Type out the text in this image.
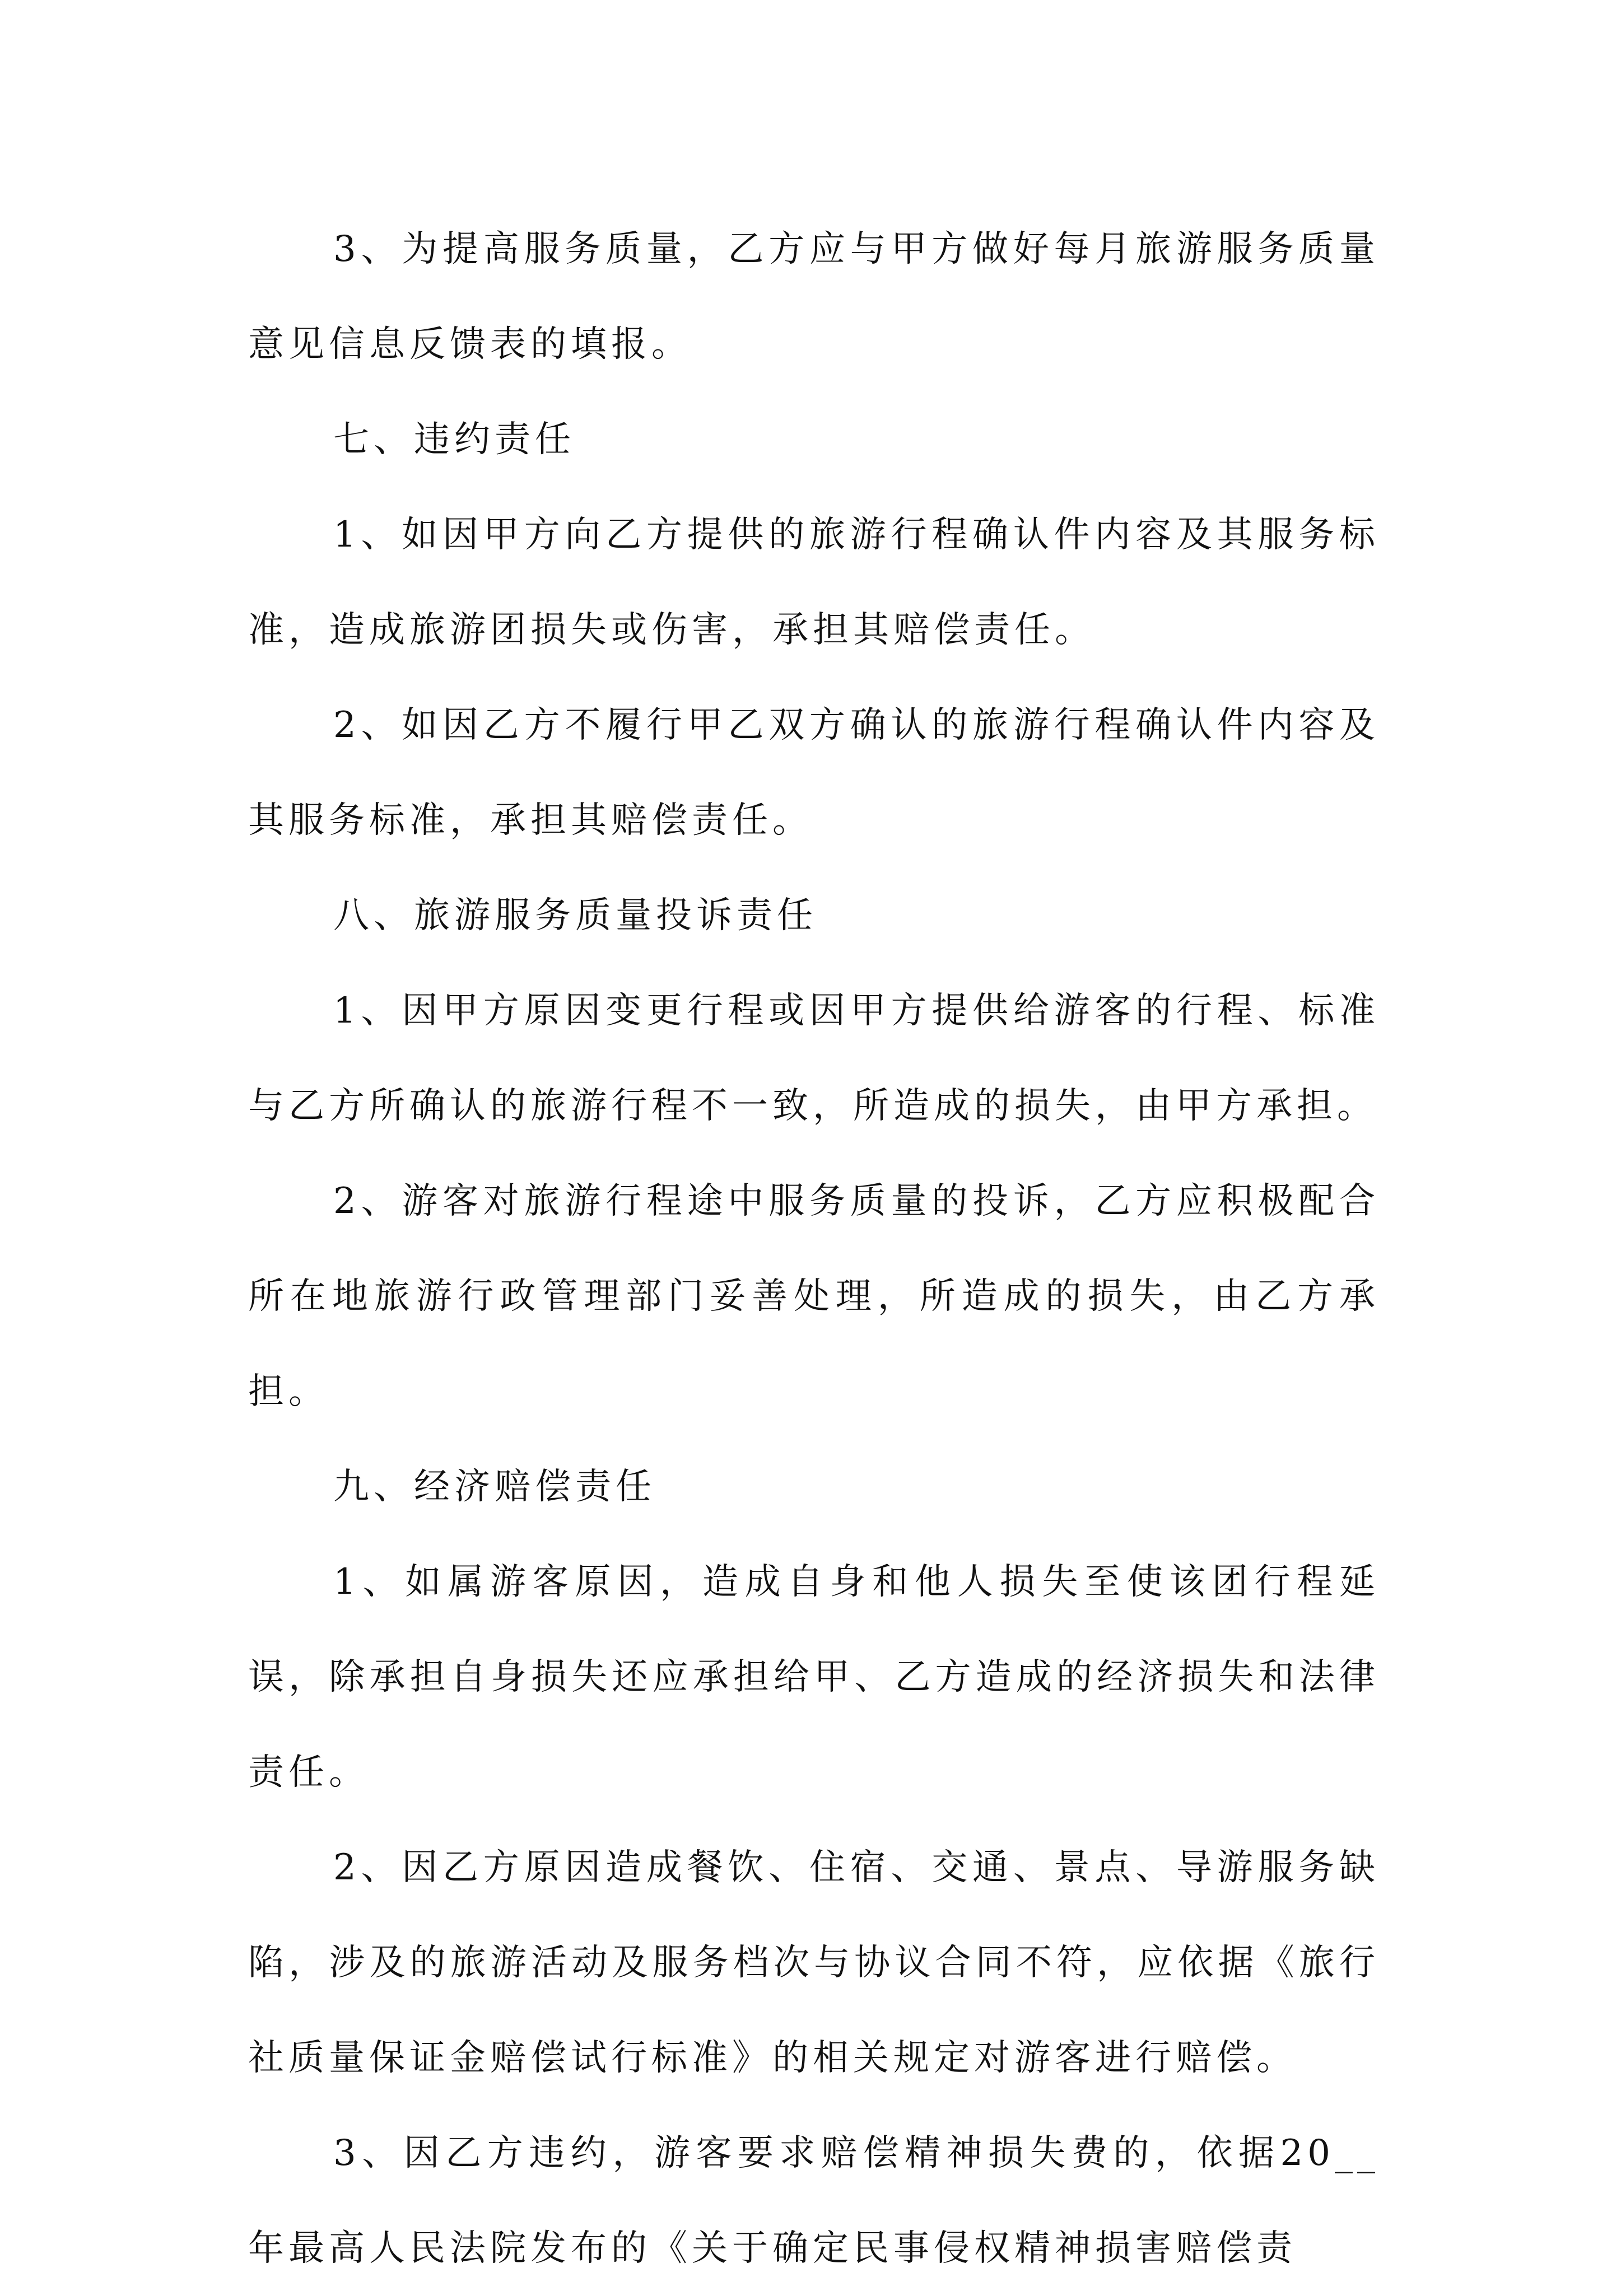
3、为提高服务质量，乙方应与甲方做好每月旅游服务质量意见信息反馈表的填报。

七、违约责任

1、如因甲方向乙方提供的旅游行程确认件内容及其服务标准，造成旅游团损失或伤害，承担其赔偿责任。

2、如因乙方不履行甲乙双方确认的旅游行程确认件内容及其服务标准，承担其赔偿责任。

八、旅游服务质量投诉责任

1、因甲方原因变更行程或因甲方提供给游客的行程、标准与乙方所确认的旅游行程不一致，所造成的损失，由甲方承担。

2、游客对旅游行程途中服务质量的投诉，乙方应积极配合所在地旅游行政管理部门妥善处理，所造成的损失，由乙方承担。

九、经济赔偿责任

1、如属游客原因，造成自身和他人损失至使该团行程延误，除承担自身损失还应承担给甲、乙方造成的经济损失和法律责任。

2、因乙方原因造成餐饮、住宿、交通、景点、导游服务缺陷，涉及的旅游活动及服务档次与协议合同不符，应依据《旅行社质量保证金赔偿试行标准》的相关规定对游客进行赔偿。

3、因乙方违约，游客要求赔偿精神损失费的，依据20__年最高人民法院发布的《关于确定民事侵权精神损害赔偿责
